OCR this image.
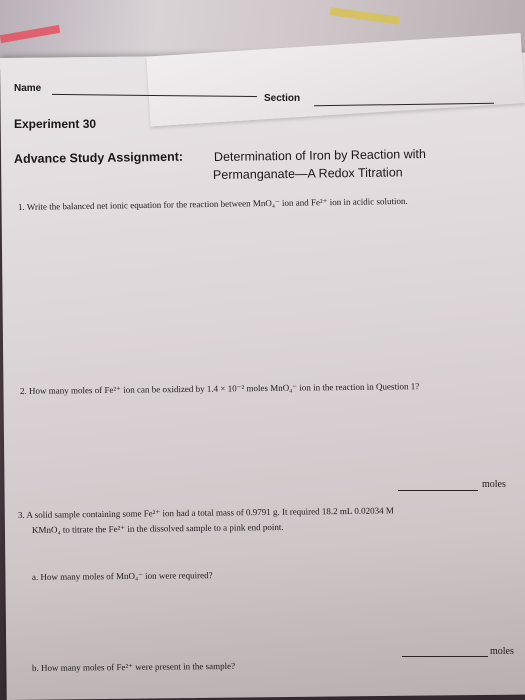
Name
Section
Experiment 30
Advance Study Assignment: Determination of Iron by Reaction with
Permanganate—A Redox Titration
1. Write the balanced net ionic equation for the reaction between MnO₄⁻ ion and Fe²⁺ ion in acidic solution.
2. How many moles of Fe²⁺ ion can be oxidized by 1.4 × 10⁻² moles MnO₄⁻ ion in the reaction in Question 1?
moles
3. A solid sample containing some Fe²⁺ ion had a total mass of 0.9791 g. It required 18.2 mL 0.02034 M
KMnO₄ to titrate the Fe²⁺ in the dissolved sample to a pink end point.
a. How many moles of MnO₄⁻ ion were required?
moles
b. How many moles of Fe²⁺ were present in the sample?
